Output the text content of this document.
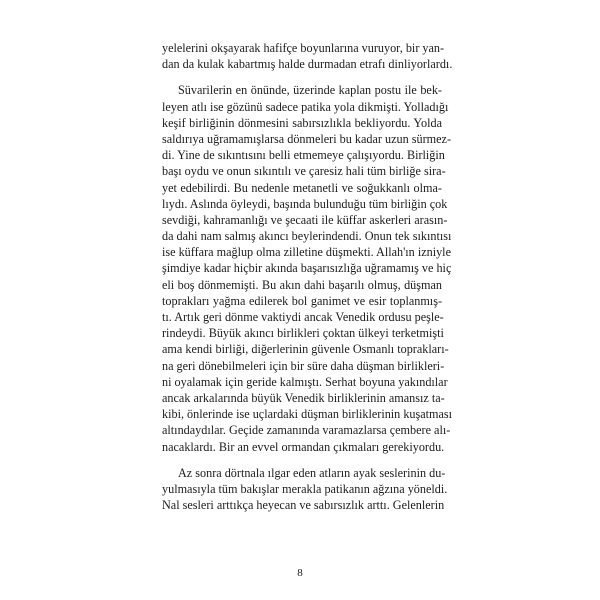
yelelerini okşayarak hafifçe boyunlarına vuruyor, bir yan-
dan da kulak kabartmış halde durmadan etrafı dinliyorlardı.
Süvarilerin en önünde, üzerinde kaplan postu ile bek-
leyen atlı ise gözünü sadece patika yola dikmişti. Yolladığı
keşif birliğinin dönmesini sabırsızlıkla bekliyordu. Yolda
saldırıya uğramamışlarsa dönmeleri bu kadar uzun sürmez-
di. Yine de sıkıntısını belli etmemeye çalışıyordu. Birliğin
başı oydu ve onun sıkıntılı ve çaresiz hali tüm birliğe sira-
yet edebilirdi. Bu nedenle metanetli ve soğukkanlı olma-
lıydı. Aslında öyleydi, başında bulunduğu tüm birliğin çok
sevdiği, kahramanlığı ve şecaati ile küffar askerleri arasın-
da dahi nam salmış akıncı beylerindendi. Onun tek sıkıntısı
ise küffara mağlup olma zilletine düşmekti. Allah'ın izniyle
şimdiye kadar hiçbir akında başarısızlığa uğramamış ve hiç
eli boş dönmemişti. Bu akın dahi başarılı olmuş, düşman
toprakları yağma edilerek bol ganimet ve esir toplanmış-
tı. Artık geri dönme vaktiydi ancak Venedik ordusu peşle-
rindeydi. Büyük akıncı birlikleri çoktan ülkeyi terketmişti
ama kendi birliği, diğerlerinin güvenle Osmanlı toprakları-
na geri dönebilmeleri için bir süre daha düşman birlikleri-
ni oyalamak için geride kalmıştı. Serhat boyuna yakındılar
ancak arkalarında büyük Venedik birliklerinin amansız ta-
kibi, önlerinde ise uçlardaki düşman birliklerinin kuşatması
altındaydılar. Geçide zamanında varamazlarsa çembere alı-
nacaklardı. Bir an evvel ormandan çıkmaları gerekiyordu.
Az sonra dörtnala ılgar eden atların ayak seslerinin du-
yulmasıyla tüm bakışlar merakla patikanın ağzına yöneldi.
Nal sesleri arttıkça heyecan ve sabırsızlık arttı. Gelenlerin
8
